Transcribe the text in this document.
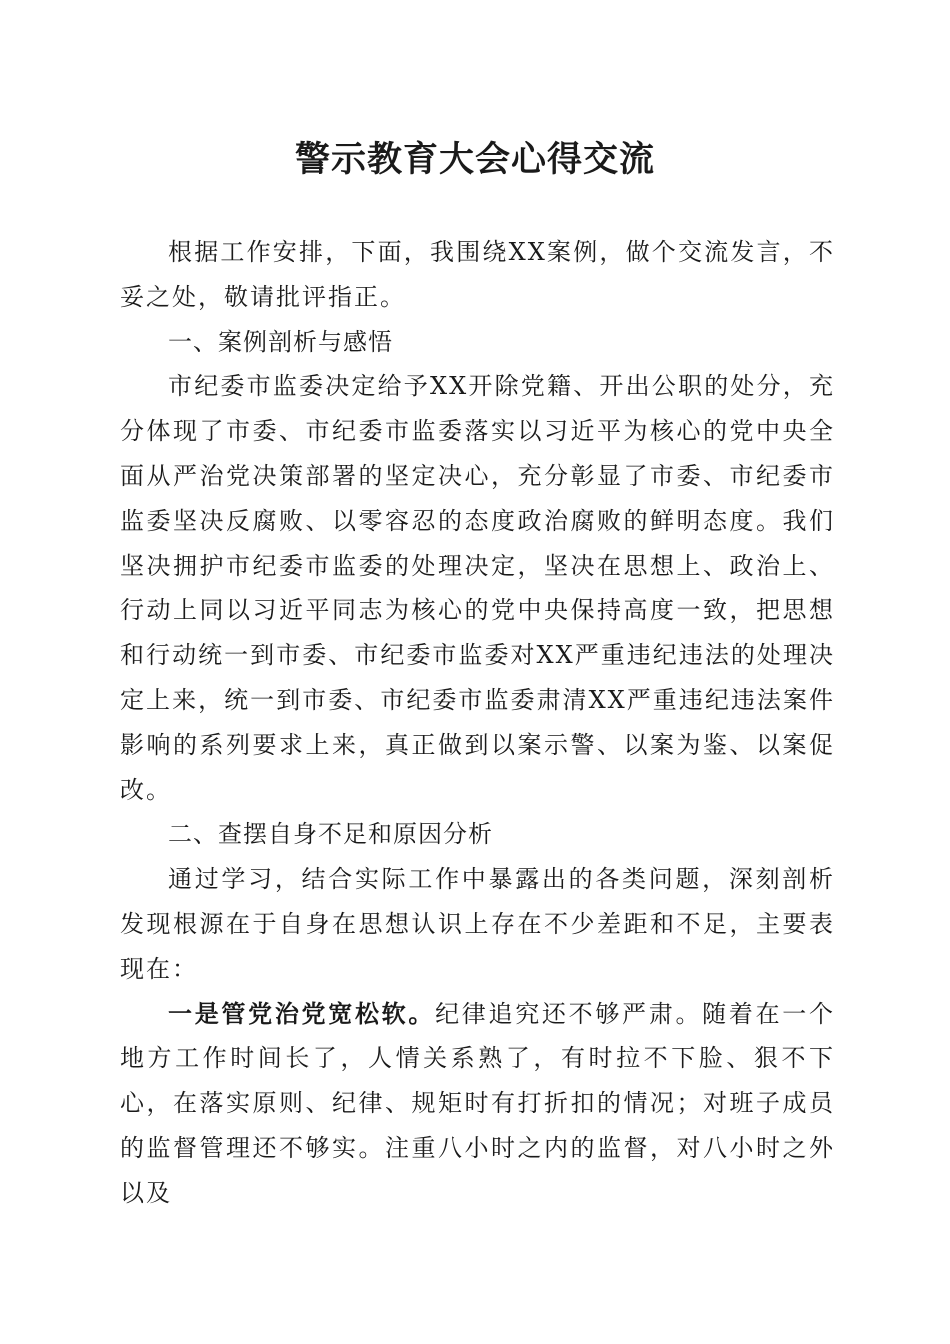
警示教育大会心得交流

根据工作安排，下面，我围绕XX案例，做个交流发言，不妥之处，敬请批评指正。

一、案例剖析与感悟

市纪委市监委决定给予XX开除党籍、开出公职的处分，充分体现了市委、市纪委市监委落实以习近平为核心的党中央全面从严治党决策部署的坚定决心，充分彰显了市委、市纪委市监委坚决反腐败、以零容忍的态度政治腐败的鲜明态度。我们坚决拥护市纪委市监委的处理决定，坚决在思想上、政治上、行动上同以习近平同志为核心的党中央保持高度一致，把思想和行动统一到市委、市纪委市监委对XX严重违纪违法的处理决定上来，统一到市委、市纪委市监委肃清XX严重违纪违法案件影响的系列要求上来，真正做到以案示警、以案为鉴、以案促改。

二、查摆自身不足和原因分析

通过学习，结合实际工作中暴露出的各类问题，深刻剖析发现根源在于自身在思想认识上存在不少差距和不足，主要表现在：

一是管党治党宽松软。纪律追究还不够严肃。随着在一个地方工作时间长了，人情关系熟了，有时拉不下脸、狠不下心，在落实原则、纪律、规矩时有打折扣的情况；对班子成员的监督管理还不够实。注重八小时之内的监督，对八小时之外以及
